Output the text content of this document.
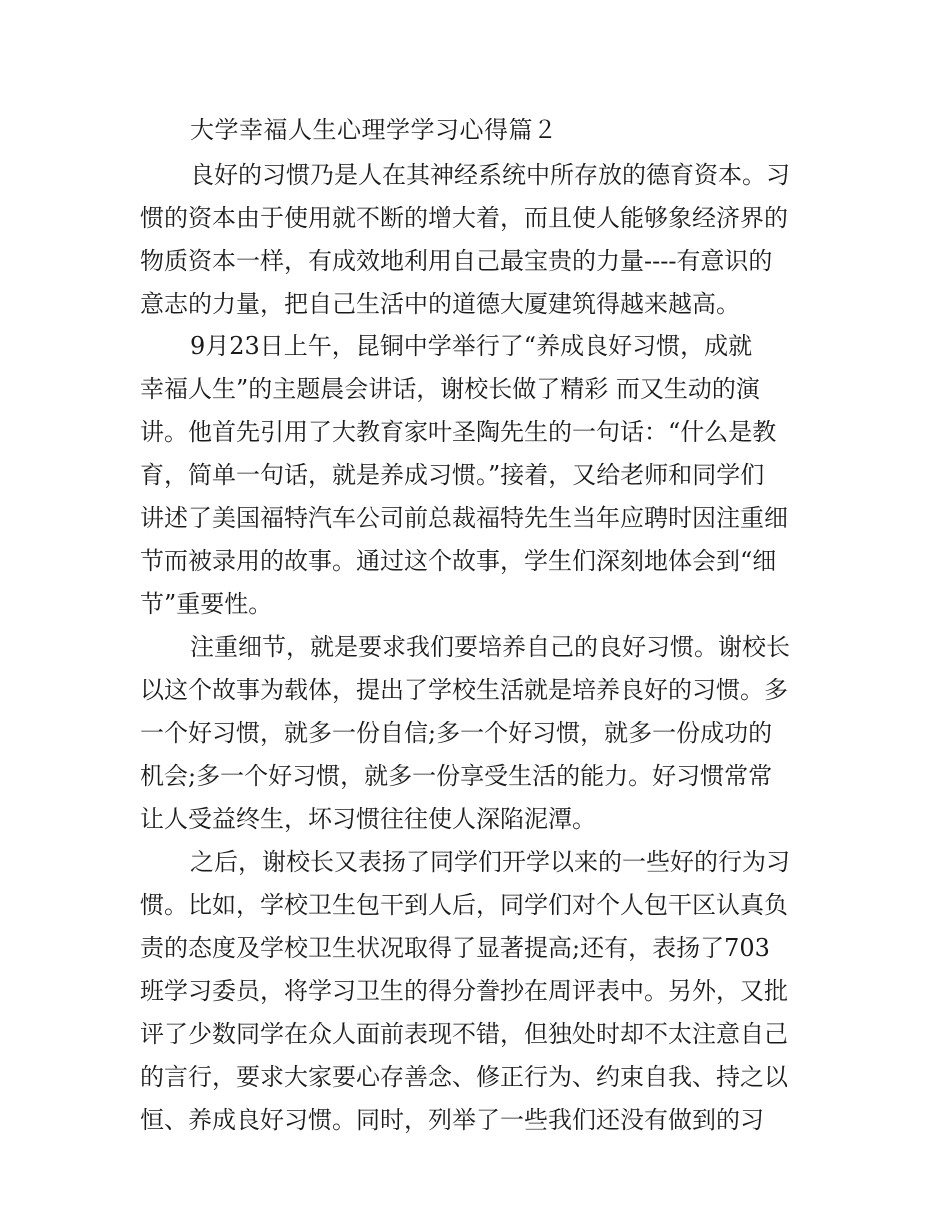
大学幸福人生心理学学习心得篇２
良好的习惯乃是人在其神经系统中所存放的德育资本。习
惯的资本由于使用就不断的增大着，而且使人能够象经济界的
物质资本一样，有成效地利用自己最宝贵的力量----有意识的
意志的力量，把自己生活中的道德大厦建筑得越来越高。
9月23日上午，昆铜中学举行了“养成良好习惯，成就
幸福人生”的主题晨会讲话，谢校长做了精彩 而又生动的演
讲。他首先引用了大教育家叶圣陶先生的一句话：“什么是教
育，简单一句话，就是养成习惯。”接着，又给老师和同学们
讲述了美国福特汽车公司前总裁福特先生当年应聘时因注重细
节而被录用的故事。通过这个故事，学生们深刻地体会到“细
节”重要性。
注重细节，就是要求我们要培养自己的良好习惯。谢校长
以这个故事为载体，提出了学校生活就是培养良好的习惯。多
一个好习惯，就多一份自信;多一个好习惯，就多一份成功的
机会;多一个好习惯，就多一份享受生活的能力。好习惯常常
让人受益终生，坏习惯往往使人深陷泥潭。
之后，谢校长又表扬了同学们开学以来的一些好的行为习
惯。比如，学校卫生包干到人后，同学们对个人包干区认真负
责的态度及学校卫生状况取得了显著提高;还有，表扬了703
班学习委员，将学习卫生的得分誊抄在周评表中。另外，又批
评了少数同学在众人面前表现不错，但独处时却不太注意自己
的言行，要求大家要心存善念、修正行为、约束自我、持之以
恒、养成良好习惯。同时，列举了一些我们还没有做到的习
